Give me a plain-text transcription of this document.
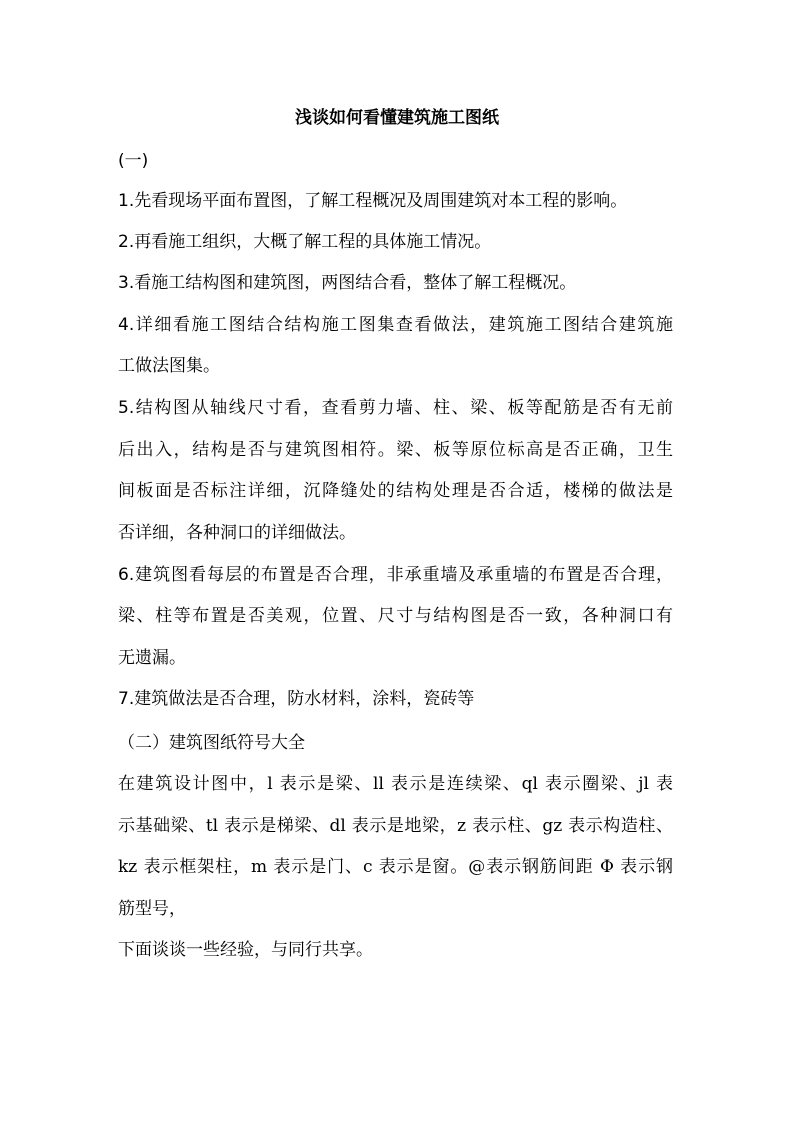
浅谈如何看懂建筑施工图纸

(一)

1.先看现场平面布置图，了解工程概况及周围建筑对本工程的影响。

2.再看施工组织，大概了解工程的具体施工情况。

3.看施工结构图和建筑图，两图结合看，整体了解工程概况。

4.详细看施工图结合结构施工图集查看做法，建筑施工图结合建筑施

工做法图集。

5.结构图从轴线尺寸看，查看剪力墙、柱、梁、板等配筋是否有无前

后出入，结构是否与建筑图相符。梁、板等原位标高是否正确，卫生

间板面是否标注详细，沉降缝处的结构处理是否合适，楼梯的做法是

否详细，各种洞口的详细做法。

6.建筑图看每层的布置是否合理，非承重墙及承重墙的布置是否合理，

梁、柱等布置是否美观，位置、尺寸与结构图是否一致，各种洞口有

无遗漏。

7.建筑做法是否合理，防水材料，涂料，瓷砖等

（二）建筑图纸符号大全

在建筑设计图中，l 表示是梁、ll 表示是连续梁、ql 表示圈梁、jl 表

示基础梁、tl 表示是梯梁、dl 表示是地梁，z 表示柱、gz 表示构造柱、

kz 表示框架柱，m 表示是门、c 表示是窗。@表示钢筋间距 Φ 表示钢

筋型号，

下面谈谈一些经验，与同行共享。
